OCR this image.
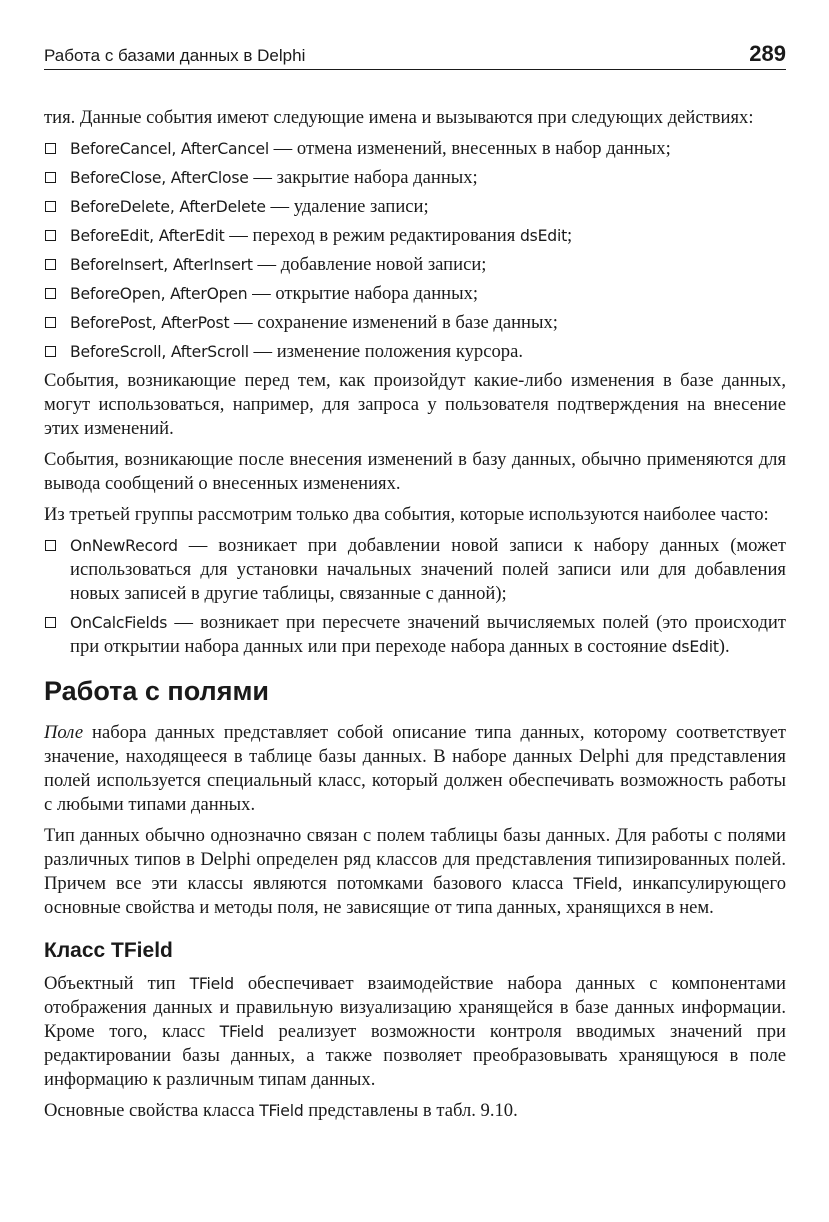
Работа с базами данных в Delphi	289

тия. Данные события имеют следующие имена и вызываются при следующих действиях:

BeforeCancel, AfterCancel — отмена изменений, внесенных в набор данных;
BeforeClose, AfterClose — закрытие набора данных;
BeforeDelete, AfterDelete — удаление записи;
BeforeEdit, AfterEdit — переход в режим редактирования dsEdit;
BeforeInsert, AfterInsert — добавление новой записи;
BeforeOpen, AfterOpen — открытие набора данных;
BeforePost, AfterPost — сохранение изменений в базе данных;
BeforeScroll, AfterScroll — изменение положения курсора.

События, возникающие перед тем, как произойдут какие-либо изменения в базе данных, могут использоваться, например, для запроса у пользователя подтверждения на внесение этих изменений.

События, возникающие после внесения изменений в базу данных, обычно применяются для вывода сообщений о внесенных изменениях.

Из третьей группы рассмотрим только два события, которые используются наиболее часто:

OnNewRecord — возникает при добавлении новой записи к набору данных (может использоваться для установки начальных значений полей записи или для добавления новых записей в другие таблицы, связанные с данной);
OnCalcFields — возникает при пересчете значений вычисляемых полей (это происходит при открытии набора данных или при переходе набора данных в состояние dsEdit).
Работа с полями

Поле набора данных представляет собой описание типа данных, которому соответствует значение, находящееся в таблице базы данных. В наборе данных Delphi для представления полей используется специальный класс, который должен обеспечивать возможность работы с любыми типами данных.

Тип данных обычно однозначно связан с полем таблицы базы данных. Для работы с полями различных типов в Delphi определен ряд классов для представления типизированных полей. Причем все эти классы являются потомками базового класса TField, инкапсулирующего основные свойства и методы поля, не зависящие от типа данных, хранящихся в нем.

Класс TField

Объектный тип TField обеспечивает взаимодействие набора данных с компонентами отображения данных и правильную визуализацию хранящейся в базе данных информации. Кроме того, класс TField реализует возможности контроля вводимых значений при редактировании базы данных, а также позволяет преобразовывать хранящуюся в поле информацию к различным типам данных.

Основные свойства класса TField представлены в табл. 9.10.
